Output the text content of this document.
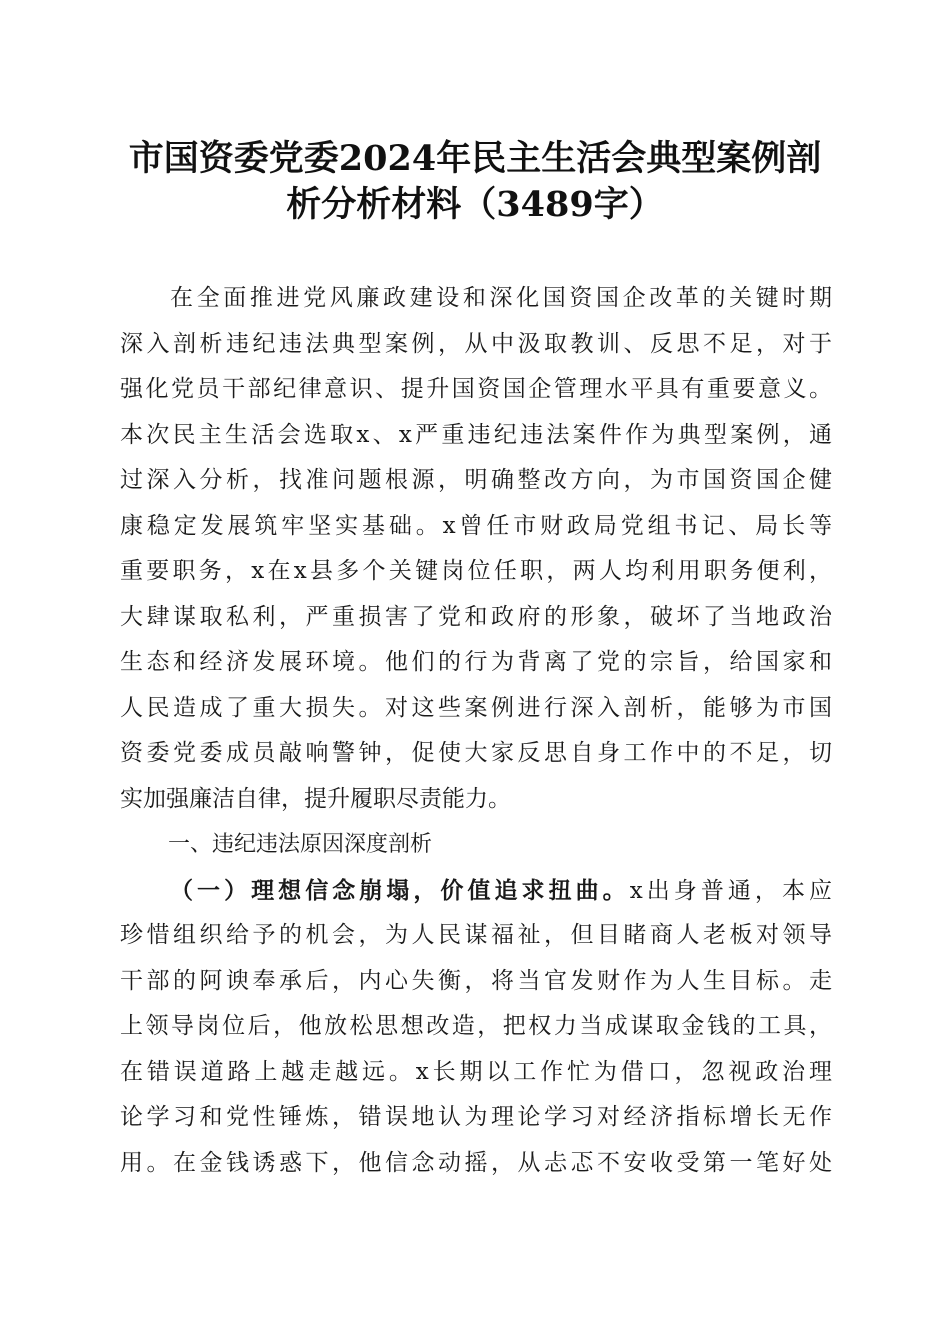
市国资委党委2024年民主生活会典型案例剖
析分析材料（3489字）

在全面推进党风廉政建设和深化国资国企改革的关键时期
深入剖析违纪违法典型案例，从中汲取教训、反思不足，对于
强化党员干部纪律意识、提升国资国企管理水平具有重要意义。
本次民主生活会选取x、x严重违纪违法案件作为典型案例，通
过深入分析，找准问题根源，明确整改方向，为市国资国企健
康稳定发展筑牢坚实基础。x曾任市财政局党组书记、局长等
重要职务，x在x县多个关键岗位任职，两人均利用职务便利，
大肆谋取私利，严重损害了党和政府的形象，破坏了当地政治
生态和经济发展环境。他们的行为背离了党的宗旨，给国家和
人民造成了重大损失。对这些案例进行深入剖析，能够为市国
资委党委成员敲响警钟，促使大家反思自身工作中的不足，切
实加强廉洁自律，提升履职尽责能力。

一、违纪违法原因深度剖析

（一）理想信念崩塌，价值追求扭曲。x出身普通，本应
珍惜组织给予的机会，为人民谋福祉，但目睹商人老板对领导
干部的阿谀奉承后，内心失衡，将当官发财作为人生目标。走
上领导岗位后，他放松思想改造，把权力当成谋取金钱的工具，
在错误道路上越走越远。x长期以工作忙为借口，忽视政治理
论学习和党性锤炼，错误地认为理论学习对经济指标增长无作
用。在金钱诱惑下，他信念动摇，从忐忑不安收受第一笔好处
